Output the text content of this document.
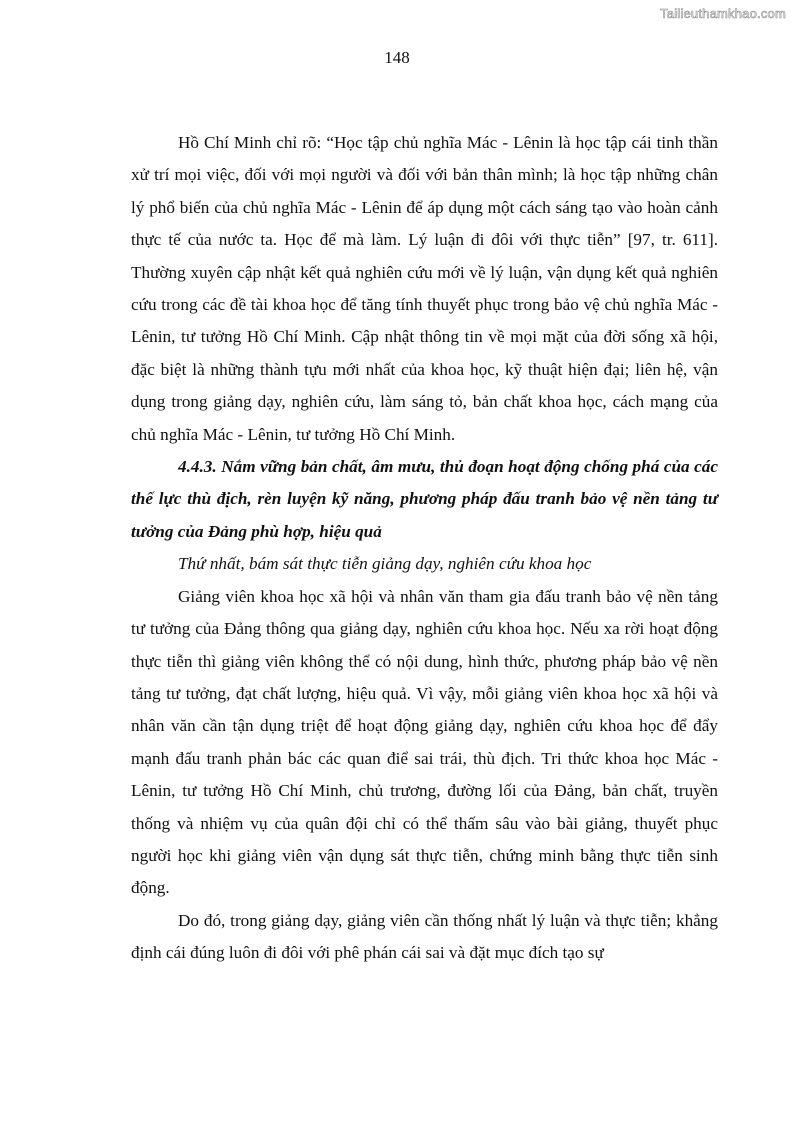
Tailieuthamkhao.com
148

Hồ Chí Minh chỉ rõ: “Học tập chủ nghĩa Mác - Lênin là học tập cái tinh thần xử trí mọi việc, đối với mọi người và đối với bản thân mình; là học tập những chân lý phổ biến của chủ nghĩa Mác - Lênin để áp dụng một cách sáng tạo vào hoàn cảnh thực tế của nước ta. Học để mà làm. Lý luận đi đôi với thực tiễn” [97, tr. 611]. Thường xuyên cập nhật kết quả nghiên cứu mới về lý luận, vận dụng kết quả nghiên cứu trong các đề tài khoa học để tăng tính thuyết phục trong bảo vệ chủ nghĩa Mác - Lênin, tư tưởng Hồ Chí Minh. Cập nhật thông tin về mọi mặt của đời sống xã hội, đặc biệt là những thành tựu mới nhất của khoa học, kỹ thuật hiện đại; liên hệ, vận dụng trong giảng dạy, nghiên cứu, làm sáng tỏ, bản chất khoa học, cách mạng của chủ nghĩa Mác - Lênin, tư tưởng Hồ Chí Minh.

4.4.3. Nắm vững bản chất, âm mưu, thủ đoạn hoạt động chống phá của các thế lực thù địch, rèn luyện kỹ năng, phương pháp đấu tranh bảo vệ nền tảng tư tưởng của Đảng phù hợp, hiệu quả

Thứ nhất, bám sát thực tiễn giảng dạy, nghiên cứu khoa học

Giảng viên khoa học xã hội và nhân văn tham gia đấu tranh bảo vệ nền tảng tư tưởng của Đảng thông qua giảng dạy, nghiên cứu khoa học. Nếu xa rời hoạt động thực tiễn thì giảng viên không thể có nội dung, hình thức, phương pháp bảo vệ nền tảng tư tưởng, đạt chất lượng, hiệu quả. Vì vậy, mỗi giảng viên khoa học xã hội và nhân văn cần tận dụng triệt để hoạt động giảng dạy, nghiên cứu khoa học để đẩy mạnh đấu tranh phản bác các quan điể sai trái, thù địch. Tri thức khoa học Mác - Lênin, tư tưởng Hồ Chí Minh, chủ trương, đường lối của Đảng, bản chất, truyền thống và nhiệm vụ của quân đội chỉ có thể thấm sâu vào bài giảng, thuyết phục người học khi giảng viên vận dụng sát thực tiễn, chứng minh bằng thực tiễn sinh động.

Do đó, trong giảng dạy, giảng viên cần thống nhất lý luận và thực tiễn; khẳng định cái đúng luôn đi đôi với phê phán cái sai và đặt mục đích tạo sự
